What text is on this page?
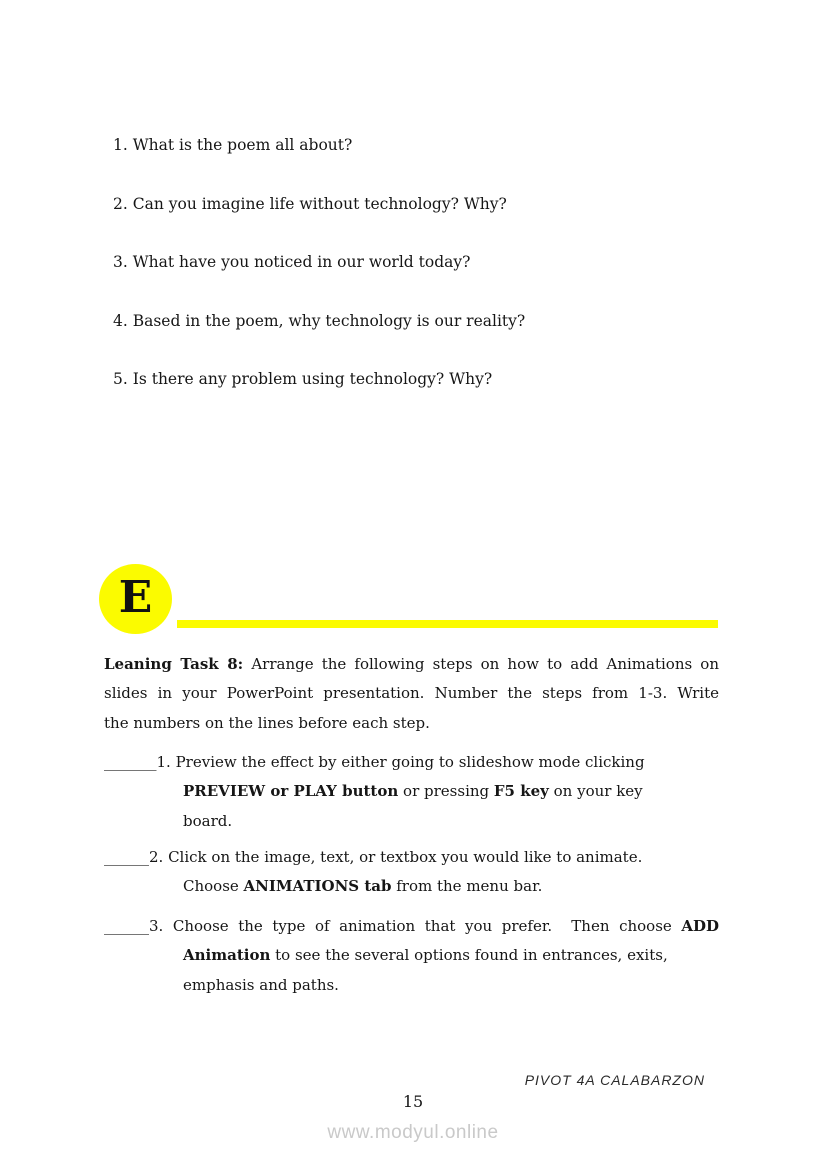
1. What is the poem all about?
2. Can you imagine life without technology? Why?
3. What have you noticed in our world today?
4. Based in the poem, why technology is our reality?
5. Is there any problem using technology? Why?
E
Leaning Task 8: Arrange the following steps on how to add Animations on
slides in your PowerPoint presentation. Number the steps from 1-3. Write
the numbers on the lines before each step.
_______1. Preview the effect by either going to slideshow mode clicking
PREVIEW or PLAY button or pressing F5 key on your key
board.
______2. Click on the image, text, or textbox you would like to animate.
Choose ANIMATIONS tab from the menu bar.
______3. Choose the type of animation that you prefer.  Then choose ADD
Animation to see the several options found in entrances, exits,
emphasis and paths.
PIVOT 4A CALABARZON
15
www.modyul.online
